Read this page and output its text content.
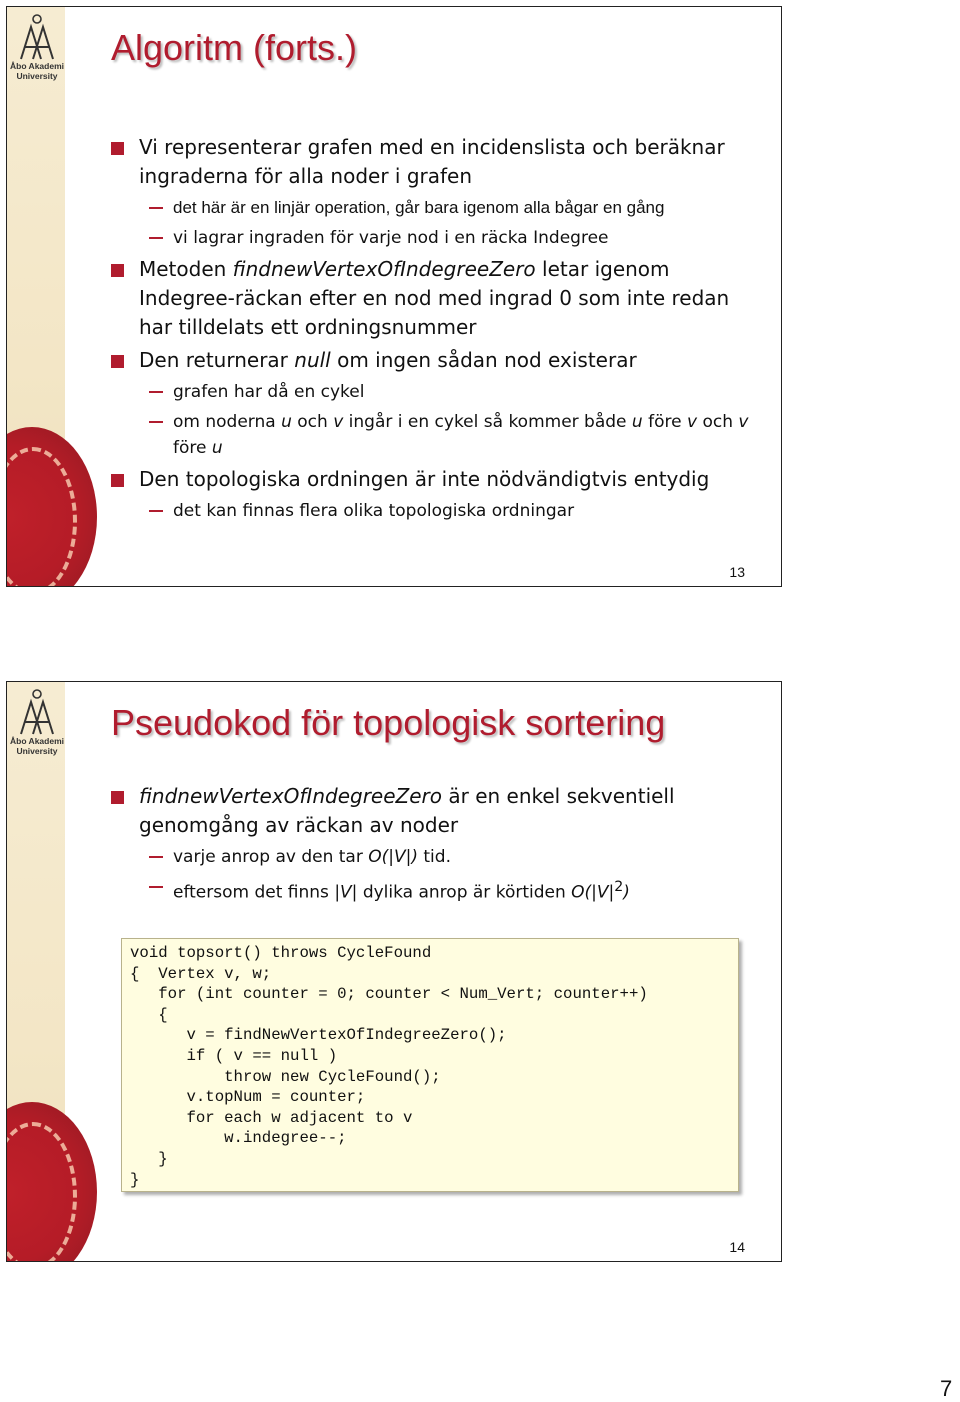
Åbo Akademi
University
Algoritm (forts.)
Vi representerar grafen med en incidenslista och beräknar ingraderna för alla noder i grafen
det här är en linjär operation, går bara igenom alla bågar en gång
vi lagrar ingraden för varje nod i en räcka Indegree
Metoden findnewVertexOfIndegreeZero letar igenom Indegree-räckan efter en nod med ingrad 0 som inte redan har tilldelats ett ordningsnummer
Den returnerar null om ingen sådan nod existerar
grafen har då en cykel
om noderna u och v ingår i en cykel så kommer både u före v och v före u
Den topologiska ordningen är inte nödvändigtvis entydig
det kan finnas flera olika topologiska ordningar
13
Åbo Akademi
University
Pseudokod för topologisk sortering
findnewVertexOfIndegreeZero är en enkel sekventiell genomgång av räckan av noder
varje anrop av den tar O(|V|) tid.
eftersom det finns |V| dylika anrop är körtiden $O(|V|^2)$
void topsort() throws CycleFound
{  Vertex v, w;
for (int counter = 0; counter < Num_Vert; counter++)
{
v = findNewVertexOfIndegreeZero();
if ( v == null )
throw new CycleFound();
v.topNum = counter;
for each w adjacent to v
w.indegree--;
}
}
14
7
